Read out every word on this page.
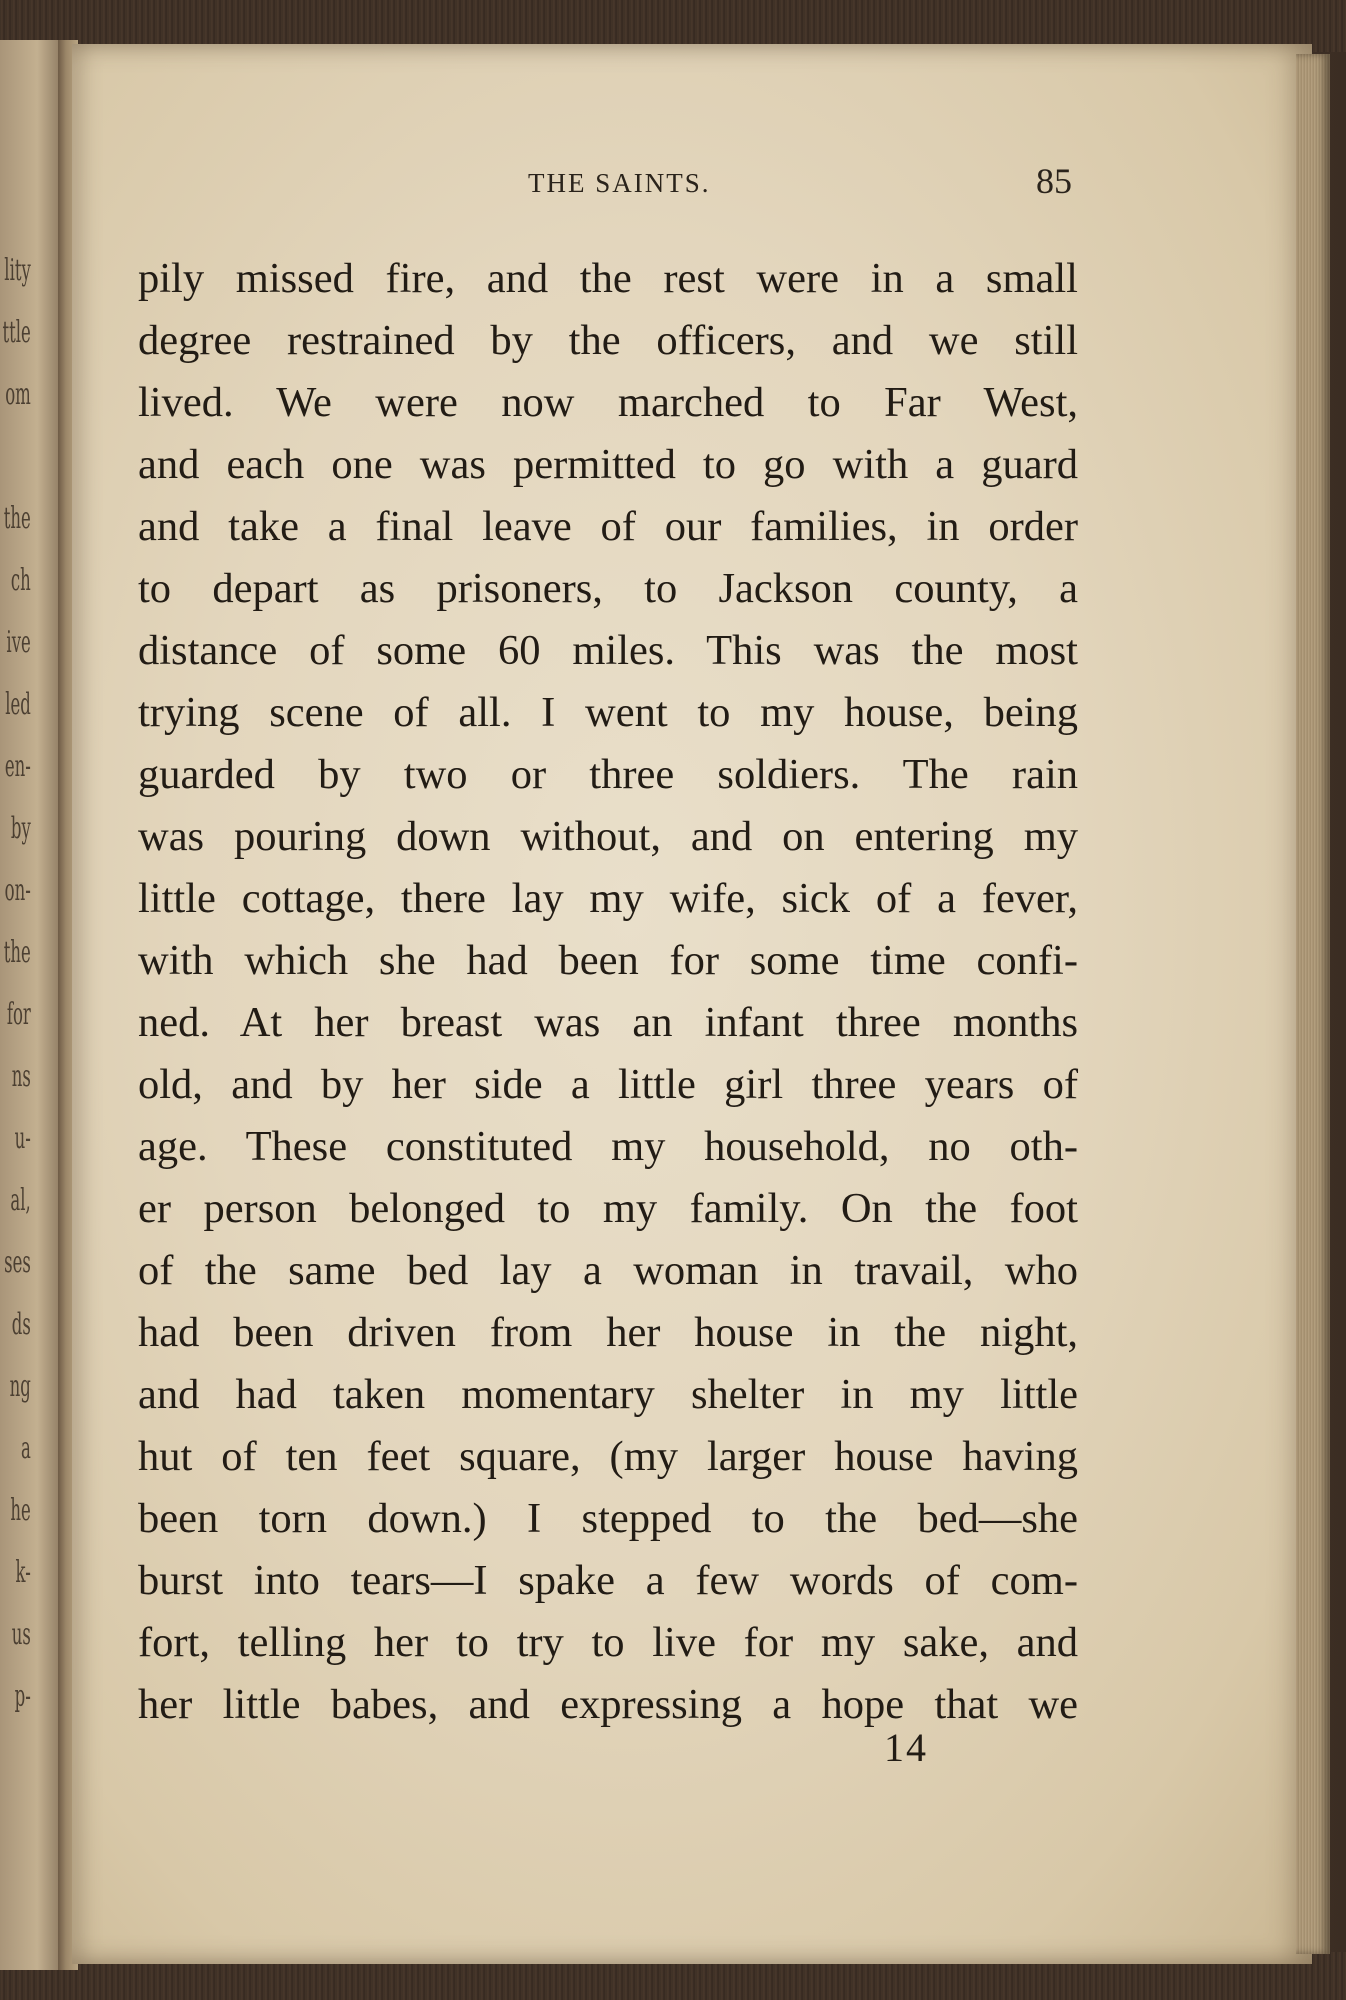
lity
ttle
om
the
ch
ive
led
en-
by
on-
the
for
ns
u-
al,
ses
ds
ng
a
he
k-
us
p-
THE SAINTS.	85
pily missed fire, and the rest were in a small
degree restrained by the officers, and we still
lived. We were now marched to Far West,
and each one was permitted to go with a guard
and take a final leave of our families, in order
to depart as prisoners, to Jackson county, a
distance of some 60 miles. This was the most
trying scene of all. I went to my house, being
guarded by two or three soldiers. The rain
was pouring down without, and on entering my
little cottage, there lay my wife, sick of a fever,
with which she had been for some time confi-
ned. At her breast was an infant three months
old, and by her side a little girl three years of
age. These constituted my household, no oth-
er person belonged to my family. On the foot
of the same bed lay a woman in travail, who
had been driven from her house in the night,
and had taken momentary shelter in my little
hut of ten feet square, (my larger house having
been torn down.) I stepped to the bed—she
burst into tears—I spake a few words of com-
fort, telling her to try to live for my sake, and
her little babes, and expressing a hope that we
14
